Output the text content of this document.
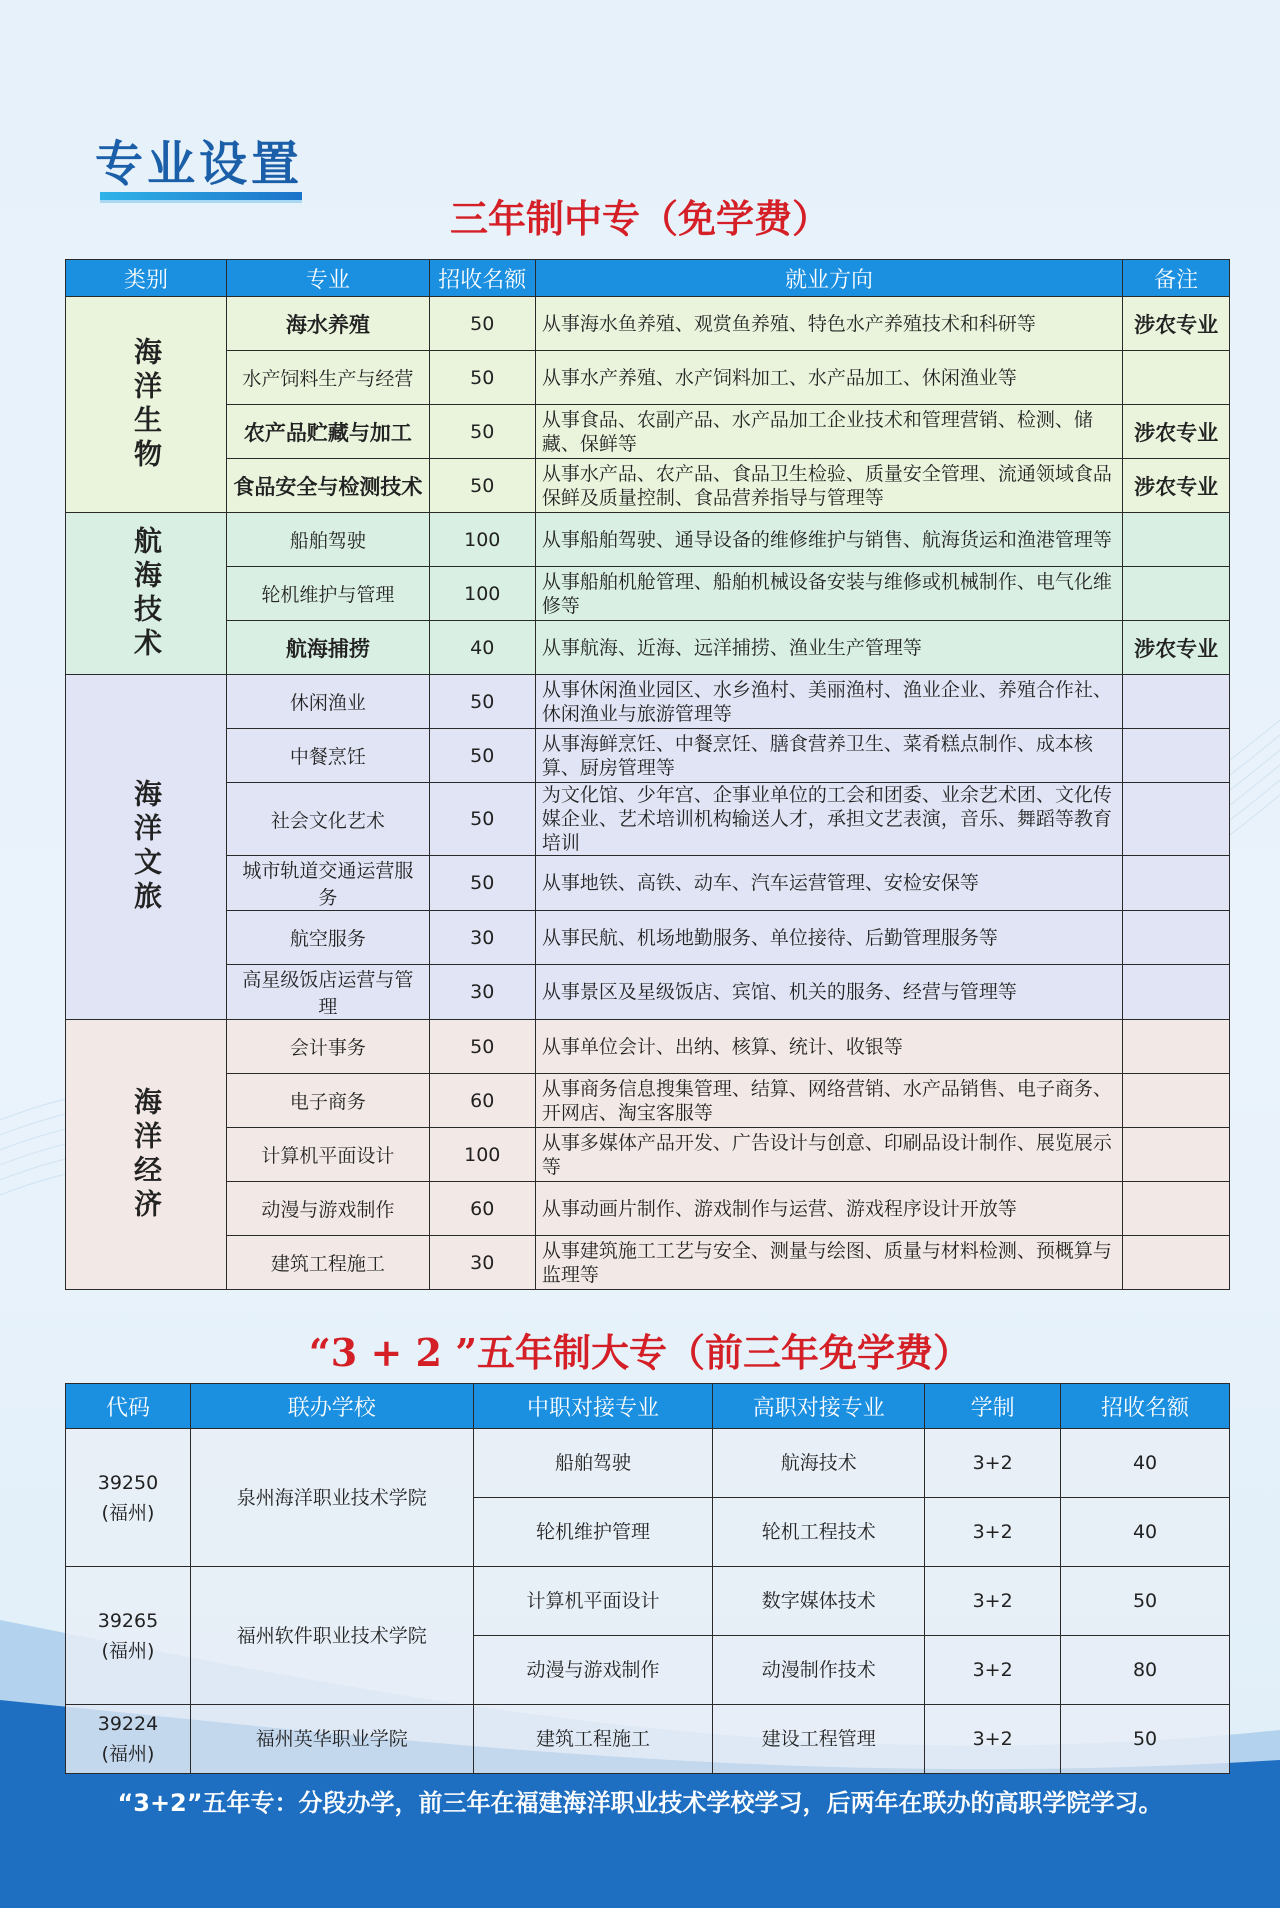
专业设置
三年制中专（免学费）
类别	专业	招收名额	就业方向	备注
海洋生物	海水养殖	50	从事海水鱼养殖、观赏鱼养殖、特色水产养殖技术和科研等	涉农专业
	水产饲料生产与经营	50	从事水产养殖、水产饲料加工、水产品加工、休闲渔业等	
	农产品贮藏与加工	50	从事食品、农副产品、水产品加工企业技术和管理营销、检测、储藏、保鲜等	涉农专业
	食品安全与检测技术	50	从事水产品、农产品、食品卫生检验、质量安全管理、流通领域食品保鲜及质量控制、食品营养指导与管理等	涉农专业
航海技术	船舶驾驶	100	从事船舶驾驶、通导设备的维修维护与销售、航海货运和渔港管理等	
	轮机维护与管理	100	从事船舶机舱管理、船舶机械设备安装与维修或机械制作、电气化维修等	
	航海捕捞	40	从事航海、近海、远洋捕捞、渔业生产管理等	涉农专业
海洋文旅	休闲渔业	50	从事休闲渔业园区、水乡渔村、美丽渔村、渔业企业、养殖合作社、休闲渔业与旅游管理等	
	中餐烹饪	50	从事海鲜烹饪、中餐烹饪、膳食营养卫生、菜肴糕点制作、成本核算、厨房管理等	
	社会文化艺术	50	为文化馆、少年宫、企事业单位的工会和团委、业余艺术团、文化传媒企业、艺术培训机构输送人才，承担文艺表演，音乐、舞蹈等教育培训	
	城市轨道交通运营服务	50	从事地铁、高铁、动车、汽车运营管理、安检安保等	
	航空服务	30	从事民航、机场地勤服务、单位接待、后勤管理服务等	
	高星级饭店运营与管理	30	从事景区及星级饭店、宾馆、机关的服务、经营与管理等	
海洋经济	会计事务	50	从事单位会计、出纳、核算、统计、收银等	
	电子商务	60	从事商务信息搜集管理、结算、网络营销、水产品销售、电子商务、开网店、淘宝客服等	
	计算机平面设计	100	从事多媒体产品开发、广告设计与创意、印刷品设计制作、展览展示等	
	动漫与游戏制作	60	从事动画片制作、游戏制作与运营、游戏程序设计开放等	
	建筑工程施工	30	从事建筑施工工艺与安全、测量与绘图、质量与材料检测、预概算与监理等	
“3 + 2 ”五年制大专（前三年免学费）
代码	联办学校	中职对接专业	高职对接专业	学制	招收名额

39250
(福州)	泉州海洋职业技术学院	船舶驾驶	航海技术	3+2	40
		轮机维护管理	轮机工程技术	3+2	40

39265
(福州)	福州软件职业技术学院	计算机平面设计	数字媒体技术	3+2	50
		动漫与游戏制作	动漫制作技术	3+2	80

39224
(福州)	福州英华职业学院	建筑工程施工	建设工程管理	3+2	50
“3+2”五年专：分段办学，前三年在福建海洋职业技术学校学习，后两年在联办的高职学院学习。
